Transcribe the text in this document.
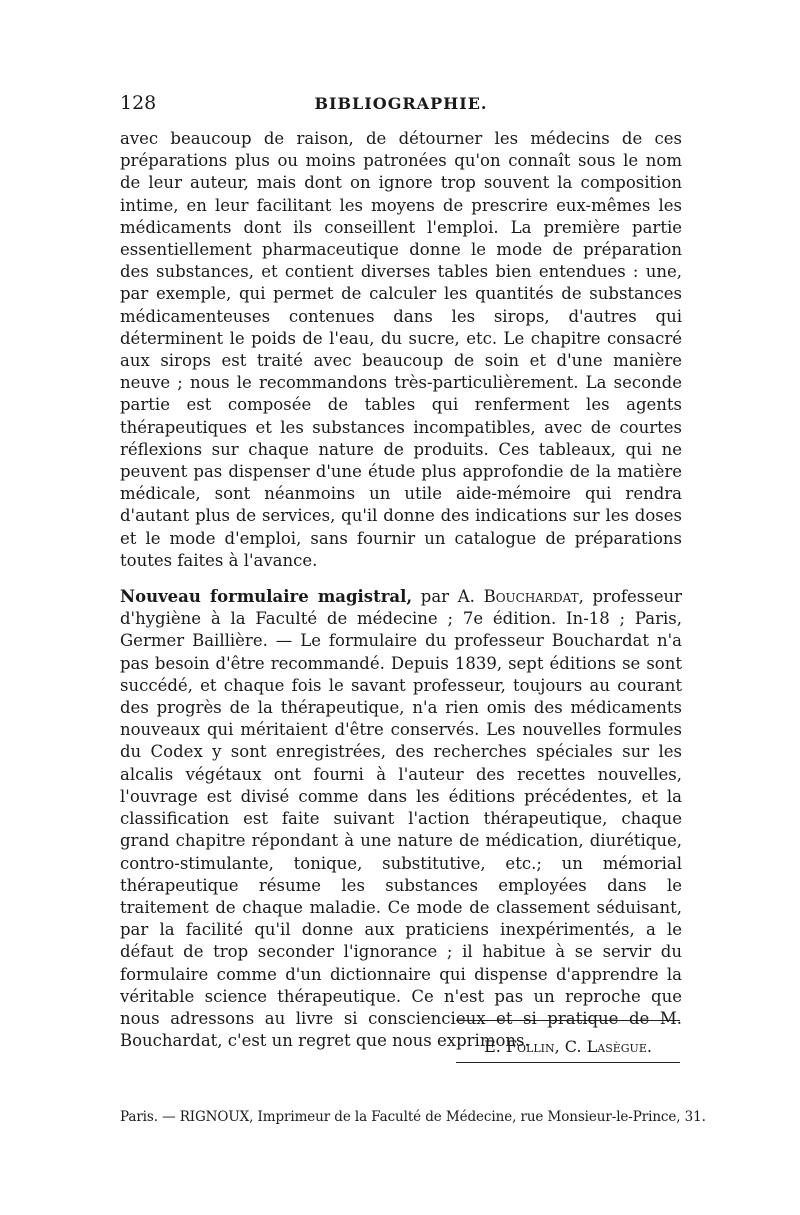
128	BIBLIOGRAPHIE.

avec beaucoup de raison, de détourner les médecins de ces préparations plus ou moins patronées qu'on connaît sous le nom de leur auteur, mais dont on ignore trop souvent la composition intime, en leur facilitant les moyens de prescrire eux-mêmes les médicaments dont ils conseillent l'emploi. La première partie essentiellement pharmaceutique donne le mode de préparation des substances, et contient diverses tables bien entendues : une, par exemple, qui permet de calculer les quantités de substances médicamenteuses contenues dans les sirops, d'autres qui déterminent le poids de l'eau, du sucre, etc. Le chapitre consacré aux sirops est traité avec beaucoup de soin et d'une manière neuve ; nous le recommandons très-particulièrement. La seconde partie est composée de tables qui renferment les agents thérapeutiques et les substances incompatibles, avec de courtes réflexions sur chaque nature de produits. Ces tableaux, qui ne peuvent pas dispenser d'une étude plus approfondie de la matière médicale, sont néanmoins un utile aide-mémoire qui rendra d'autant plus de services, qu'il donne des indications sur les doses et le mode d'emploi, sans fournir un catalogue de préparations toutes faites à l'avance.

Nouveau formulaire magistral, par A. Bouchardat, professeur d'hygiène à la Faculté de médecine ; 7e édition. In-18 ; Paris, Germer Baillière. — Le formulaire du professeur Bouchardat n'a pas besoin d'être recommandé. Depuis 1839, sept éditions se sont succédé, et chaque fois le savant professeur, toujours au courant des progrès de la thérapeutique, n'a rien omis des médicaments nouveaux qui méritaient d'être conservés. Les nouvelles formules du Codex y sont enregistrées, des recherches spéciales sur les alcalis végétaux ont fourni à l'auteur des recettes nouvelles, l'ouvrage est divisé comme dans les éditions précédentes, et la classification est faite suivant l'action thérapeutique, chaque grand chapitre répondant à une nature de médication, diurétique, contro-stimulante, tonique, substitutive, etc.; un mémorial thérapeutique résume les substances employées dans le traitement de chaque maladie. Ce mode de classement séduisant, par la facilité qu'il donne aux praticiens inexpérimentés, a le défaut de trop seconder l'ignorance ; il habitue à se servir du formulaire comme d'un dictionnaire qui dispense d'apprendre la véritable science thérapeutique. Ce n'est pas un reproche que nous adressons au livre si consciencieux et si pratique de M. Bouchardat, c'est un regret que nous exprimons.

E. Follin, C. Lasègue.
Paris. — RIGNOUX, Imprimeur de la Faculté de Médecine, rue Monsieur-le-Prince, 31.
